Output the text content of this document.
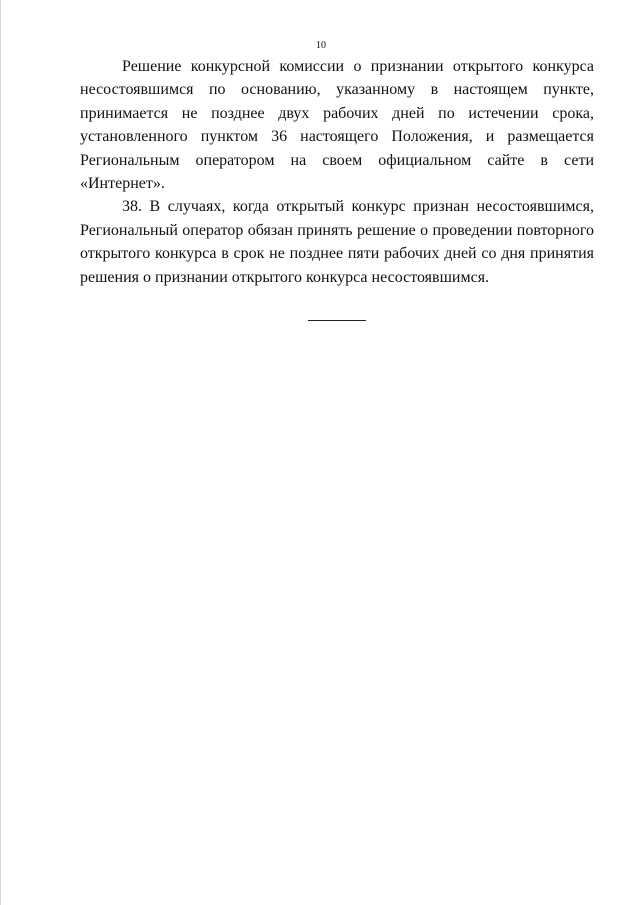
10

Решение конкурсной комиссии о признании открытого конкурса несостоявшимся по основанию, указанному в настоящем пункте, принимается не позднее двух рабочих дней по истечении срока, установленного пунктом 36 настоящего Положения, и размещается Региональным оператором на своем официальном сайте в сети «Интернет».

38. В случаях, когда открытый конкурс признан несостоявшимся, Региональный оператор обязан принять решение о проведении повторного открытого конкурса в срок не позднее пяти рабочих дней со дня принятия решения о признании открытого конкурса несостоявшимся.
